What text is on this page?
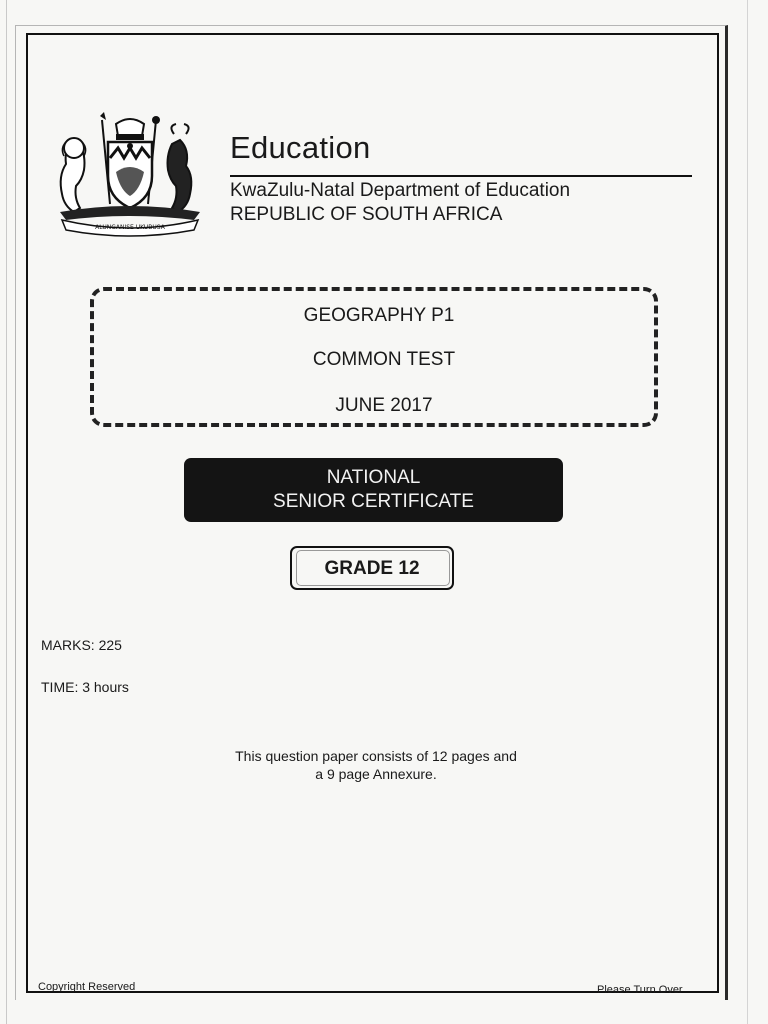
ALUNGANISE UKUBUSA
Education
KwaZulu-Natal Department of Education
REPUBLIC OF SOUTH AFRICA
GEOGRAPHY P1
COMMON TEST
JUNE 2017
NATIONAL
SENIOR CERTIFICATE
GRADE 12
MARKS: 225
TIME: 3 hours
This question paper consists of 12 pages and
a 9 page Annexure.
Copyright Reserved	Please Turn Over
